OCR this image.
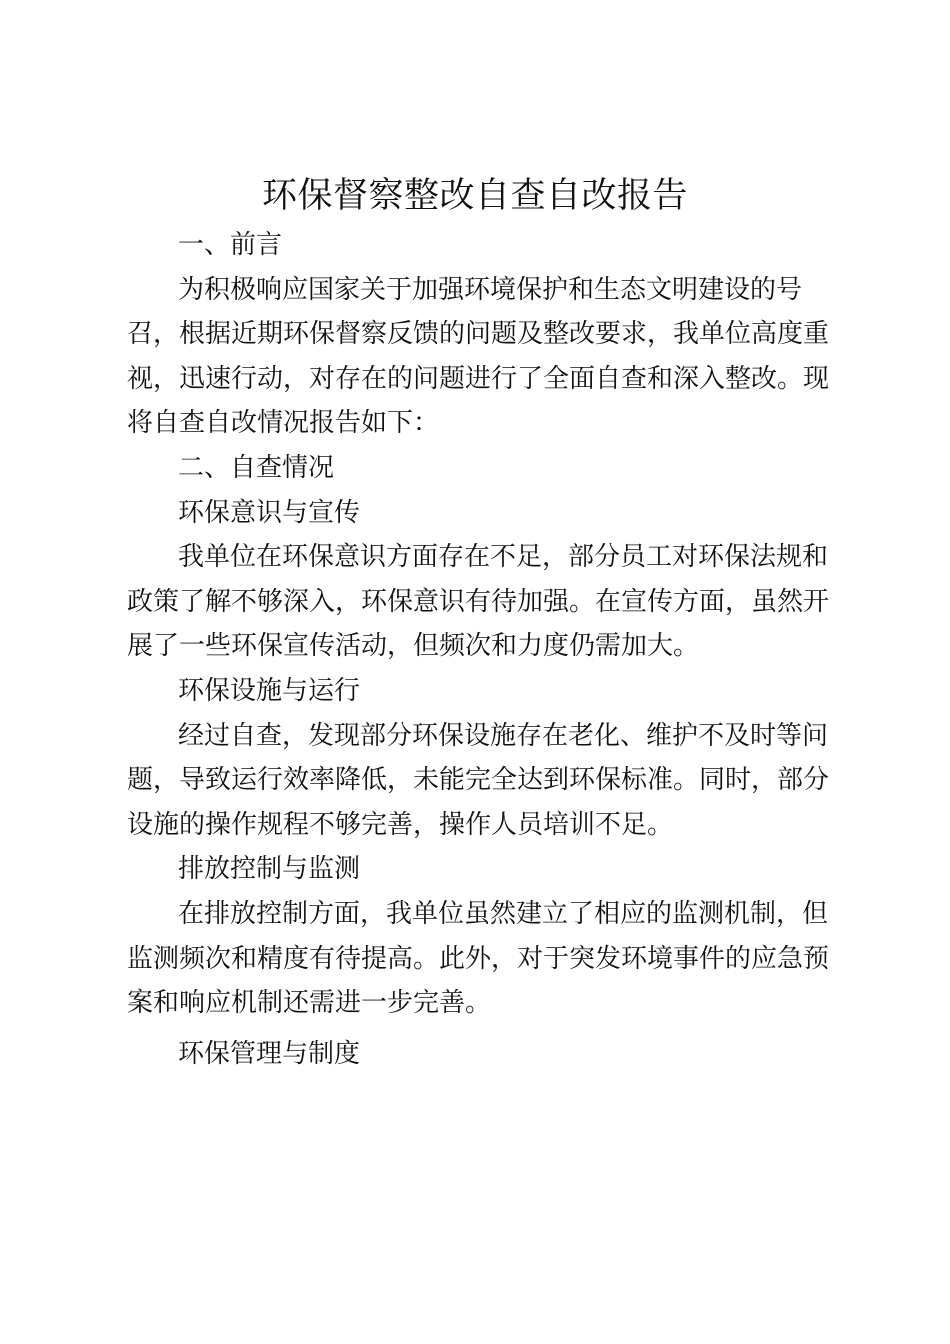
环保督察整改自查自改报告
一、前言
为积极响应国家关于加强环境保护和生态文明建设的号
召，根据近期环保督察反馈的问题及整改要求，我单位高度重
视，迅速行动，对存在的问题进行了全面自查和深入整改。现
将自查自改情况报告如下：
二、自查情况
环保意识与宣传
我单位在环保意识方面存在不足，部分员工对环保法规和
政策了解不够深入，环保意识有待加强。在宣传方面，虽然开
展了一些环保宣传活动，但频次和力度仍需加大。
环保设施与运行
经过自查，发现部分环保设施存在老化、维护不及时等问
题，导致运行效率降低，未能完全达到环保标准。同时，部分
设施的操作规程不够完善，操作人员培训不足。
排放控制与监测
在排放控制方面，我单位虽然建立了相应的监测机制，但
监测频次和精度有待提高。此外，对于突发环境事件的应急预
案和响应机制还需进一步完善。
环保管理与制度
